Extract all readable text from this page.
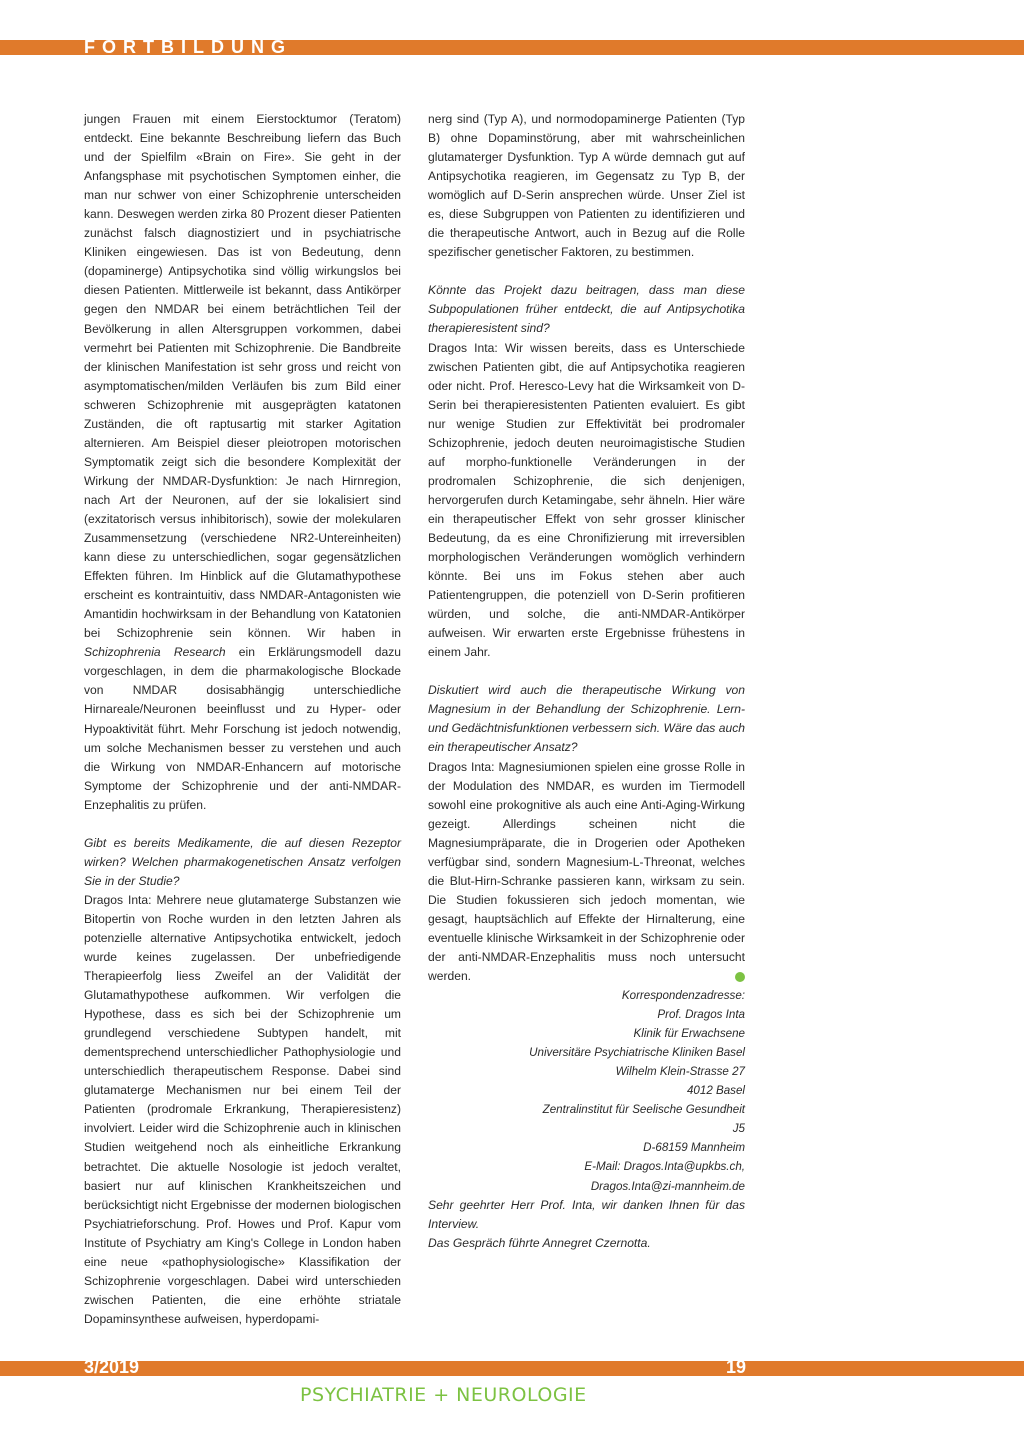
FORTBILDUNG

jungen Frauen mit einem Eierstocktumor (Teratom) entdeckt. Eine bekannte Beschreibung liefern das Buch und der Spielfilm «Brain on Fire». Sie geht in der Anfangsphase mit psychotischen Symptomen einher, die man nur schwer von einer Schizophrenie unterscheiden kann. Deswegen werden zirka 80 Prozent dieser Patienten zunächst falsch diagnostiziert und in psychiatrische Kliniken eingewiesen. Das ist von Bedeutung, denn (dopaminerge) Antipsychotika sind völlig wirkungslos bei diesen Patienten. Mittlerweile ist bekannt, dass Antikörper gegen den NMDAR bei einem beträchtlichen Teil der Bevölkerung in allen Altersgruppen vorkommen, dabei vermehrt bei Patienten mit Schizophrenie. Die Bandbreite der klinischen Manifestation ist sehr gross und reicht von asymptomatischen/milden Verläufen bis zum Bild einer schweren Schizophrenie mit ausgeprägten katatonen Zuständen, die oft raptusartig mit starker Agitation alternieren. Am Beispiel dieser pleiotropen motorischen Symptomatik zeigt sich die besondere Komplexität der Wirkung der NMDAR-Dysfunktion: Je nach Hirnregion, nach Art der Neuronen, auf der sie lokalisiert sind (exzitatorisch versus inhibitorisch), sowie der molekularen Zusammensetzung (verschiedene NR2-Untereinheiten) kann diese zu unterschiedlichen, sogar gegensätzlichen Effekten führen. Im Hinblick auf die Glutamathypothese erscheint es kontraintuitiv, dass NMDAR-Antagonisten wie Amantidin hochwirksam in der Behandlung von Katatonien bei Schizophrenie sein können. Wir haben in Schizophrenia Research ein Erklärungsmodell dazu vorgeschlagen, in dem die pharmakologische Blockade von NMDAR dosisabhängig unterschiedliche Hirnareale/Neuronen beeinflusst und zu Hyper- oder Hypoaktivität führt. Mehr Forschung ist jedoch notwendig, um solche Mechanismen besser zu verstehen und auch die Wirkung von NMDAR-Enhancern auf motorische Symptome der Schizophrenie und der anti-NMDAR-Enzephalitis zu prüfen.

Gibt es bereits Medikamente, die auf diesen Rezeptor wirken? Welchen pharmakogenetischen Ansatz verfolgen Sie in der Studie?

Dragos Inta: Mehrere neue glutamaterge Substanzen wie Bitopertin von Roche wurden in den letzten Jahren als potenzielle alternative Antipsychotika entwickelt, jedoch wurde keines zugelassen. Der unbefriedigende Therapieerfolg liess Zweifel an der Validität der Glutamathypothese aufkommen. Wir verfolgen die Hypothese, dass es sich bei der Schizophrenie um grundlegend verschiedene Subtypen handelt, mit dementsprechend unterschiedlicher Pathophysiologie und unterschiedlich therapeutischem Response. Dabei sind glutamaterge Mechanismen nur bei einem Teil der Patienten (prodromale Erkrankung, Therapieresistenz) involviert. Leider wird die Schizophrenie auch in klinischen Studien weitgehend noch als einheitliche Erkrankung betrachtet. Die aktuelle Nosologie ist jedoch veraltet, basiert nur auf klinischen Krankheitszeichen und berücksichtigt nicht Ergebnisse der modernen biologischen Psychiatrieforschung. Prof. Howes und Prof. Kapur vom Institute of Psychiatry am King's College in London haben eine neue «pathophysiologische» Klassifikation der Schizophrenie vorgeschlagen. Dabei wird unterschieden zwischen Patienten, die eine erhöhte striatale Dopaminsynthese aufweisen, hyperdopami-

nerg sind (Typ A), und normodopaminerge Patienten (Typ B) ohne Dopaminstörung, aber mit wahrscheinlichen glutamaterger Dysfunktion. Typ A würde demnach gut auf Antipsychotika reagieren, im Gegensatz zu Typ B, der womöglich auf D-Serin ansprechen würde. Unser Ziel ist es, diese Subgruppen von Patienten zu identifizieren und die therapeutische Antwort, auch in Bezug auf die Rolle spezifischer genetischer Faktoren, zu bestimmen.

Könnte das Projekt dazu beitragen, dass man diese Subpopulationen früher entdeckt, die auf Antipsychotika therapieresistent sind?

Dragos Inta: Wir wissen bereits, dass es Unterschiede zwischen Patienten gibt, die auf Antipsychotika reagieren oder nicht. Prof. Heresco-Levy hat die Wirksamkeit von D-Serin bei therapieresistenten Patienten evaluiert. Es gibt nur wenige Studien zur Effektivität bei prodromaler Schizophrenie, jedoch deuten neuroimagistische Studien auf morpho-funktionelle Veränderungen in der prodromalen Schizophrenie, die sich denjenigen, hervorgerufen durch Ketamingabe, sehr ähneln. Hier wäre ein therapeutischer Effekt von sehr grosser klinischer Bedeutung, da es eine Chronifizierung mit irreversiblen morphologischen Veränderungen womöglich verhindern könnte. Bei uns im Fokus stehen aber auch Patientengruppen, die potenziell von D-Serin profitieren würden, und solche, die anti-NMDAR-Antikörper aufweisen. Wir erwarten erste Ergebnisse frühestens in einem Jahr.

Diskutiert wird auch die therapeutische Wirkung von Magnesium in der Behandlung der Schizophrenie. Lern- und Gedächtnisfunktionen verbessern sich. Wäre das auch ein therapeutischer Ansatz?

Dragos Inta: Magnesiumionen spielen eine grosse Rolle in der Modulation des NMDAR, es wurden im Tiermodell sowohl eine prokognitive als auch eine Anti-Aging-Wirkung gezeigt. Allerdings scheinen nicht die Magnesiumpräparate, die in Drogerien oder Apotheken verfügbar sind, sondern Magnesium-L-Threonat, welches die Blut-Hirn-Schranke passieren kann, wirksam zu sein. Die Studien fokussieren sich jedoch momentan, wie gesagt, hauptsächlich auf Effekte der Hirnalterung, eine eventuelle klinische Wirksamkeit in der Schizophrenie oder der anti-NMDAR-Enzephalitis muss noch untersucht werden.

Korrespondenzadresse:
Prof. Dragos Inta
Klinik für Erwachsene
Universitäre Psychiatrische Kliniken Basel
Wilhelm Klein-Strasse 27
4012 Basel
Zentralinstitut für Seelische Gesundheit
J5
D-68159 Mannheim
E-Mail: Dragos.Inta@upkbs.ch,
Dragos.Inta@zi-mannheim.de

Sehr geehrter Herr Prof. Inta, wir danken Ihnen für das Interview.

Das Gespräch führte Annegret Czernotta.

3/2019	19

PSYCHIATRIE + NEUROLOGIE
